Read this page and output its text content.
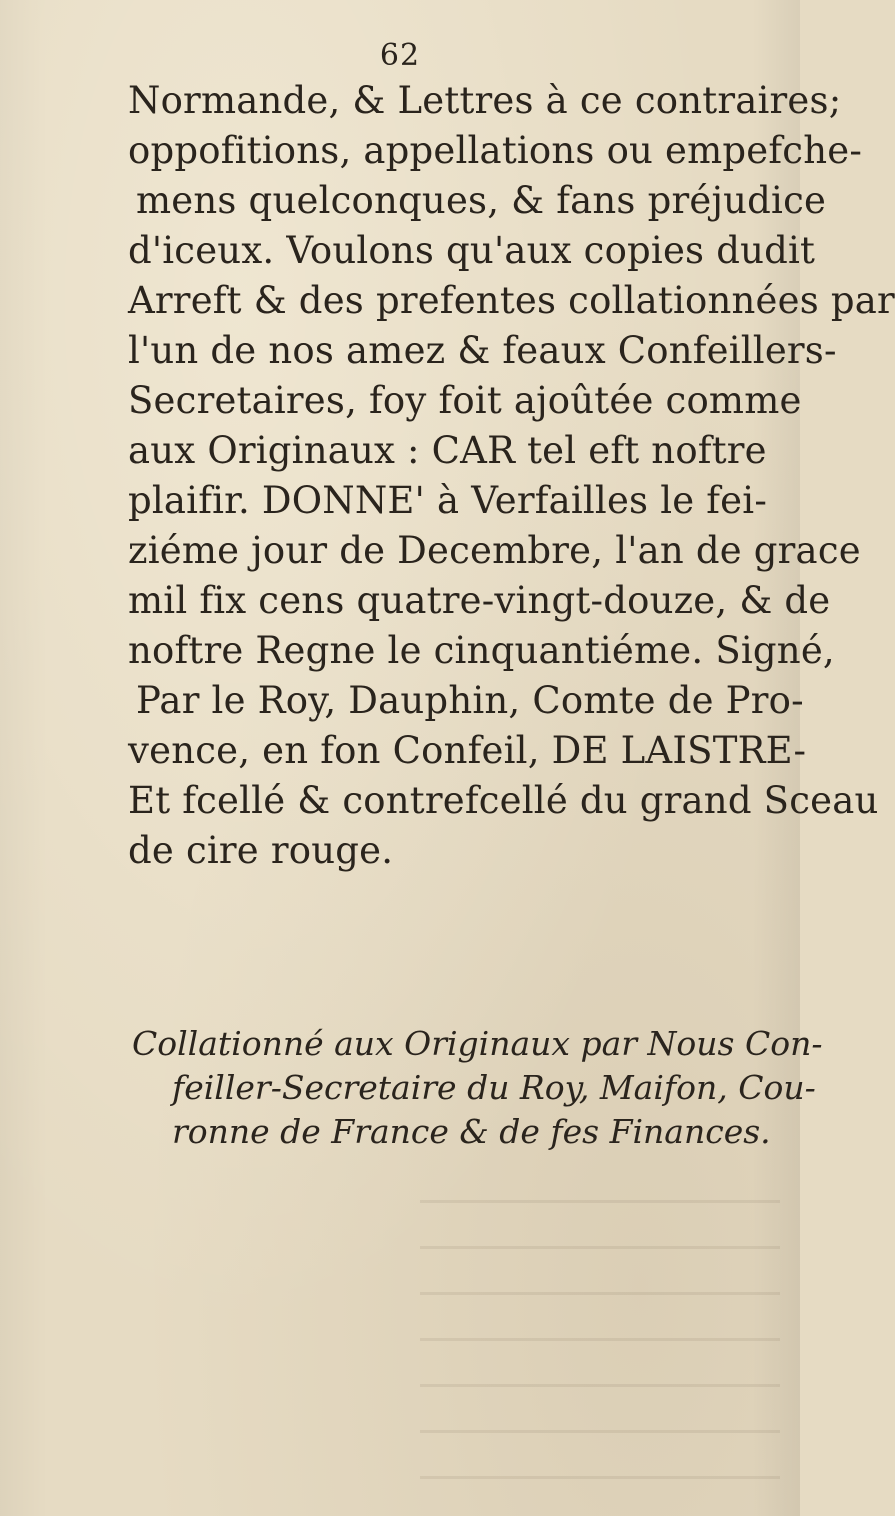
62
Normande, & Lettres à ce contraires;
oppofitions, appellations ou empefche-
mens quelconques, & fans préjudice
d'iceux. Voulons qu'aux copies dudit
Arreft & des prefentes collationnées par
l'un de nos amez & feaux Confeillers-
Secretaires, foy foit ajoûtée comme
aux Originaux : CAR tel eft noftre
plaifir. DONNE' à Verfailles le fei-
ziéme jour de Decembre, l'an de grace
mil fix cens quatre-vingt-douze, & de
noftre Regne le cinquantiéme. Signé,
Par le Roy, Dauphin, Comte de Pro-
vence, en fon Confeil, DE LAISTRE-
Et fcellé & contrefcellé du grand Sceau
de cire rouge.
Collationné aux Originaux par Nous Con-
feiller-Secretaire du Roy, Maifon, Cou-
ronne de France & de fes Finances.
